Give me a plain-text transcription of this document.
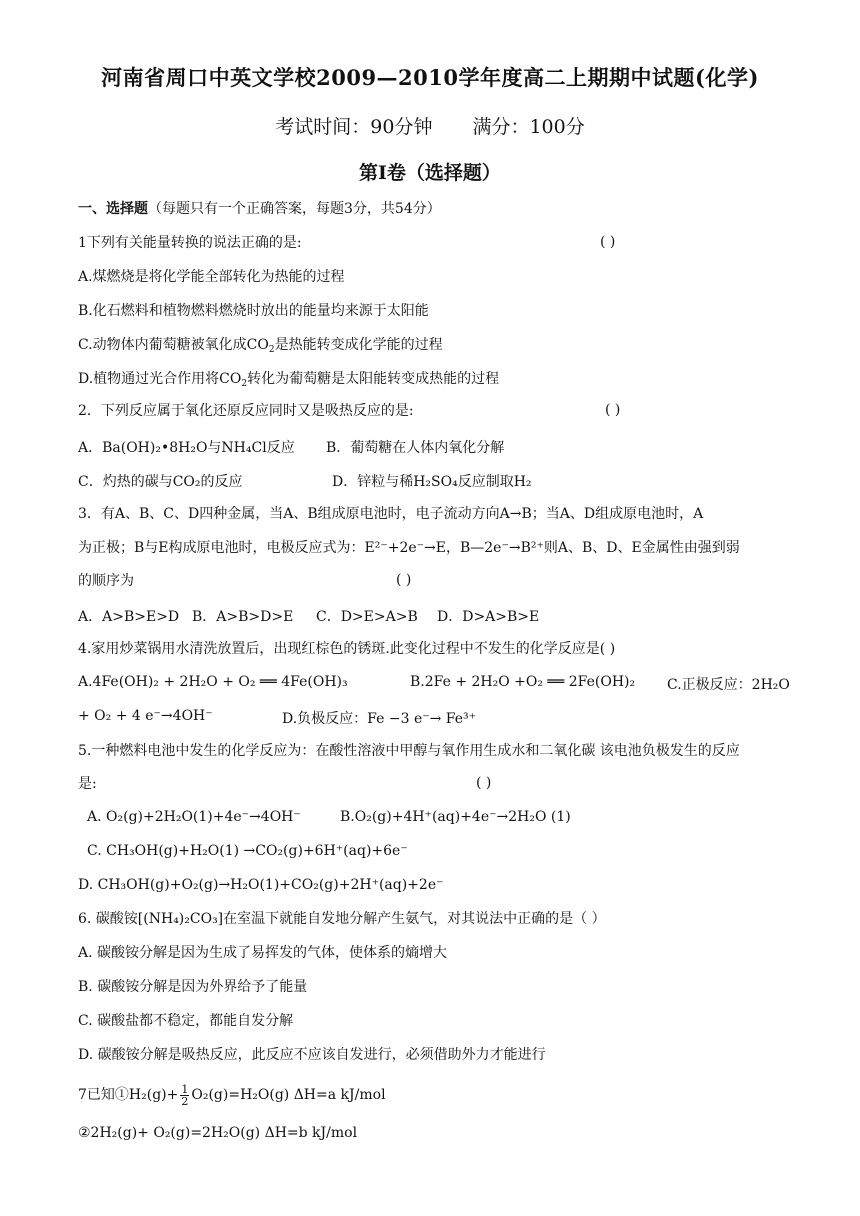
河南省周口中英文学校2009—2010学年度高二上期期中试题(化学)
考试时间：90分钟 满分：100分
第I卷（选择题）
一、选择题（每题只有一个正确答案，每题3分，共54分）
1下列有关能量转换的说法正确的是:	( )
A.煤燃烧是将化学能全部转化为热能的过程
B.化石燃料和植物燃料燃烧时放出的能量均来源于太阳能
C.动物体内葡萄糖被氧化成$CO_2$是热能转变成化学能的过程
D.植物通过光合作用将$CO_2$转化为葡萄糖是太阳能转变成热能的过程
2．下列反应属于氧化还原反应同时又是吸热反应的是:	( )
A．Ba(OH)₂•8H₂O与NH₄Cl反应 B．葡萄糖在人体内氧化分解
C．灼热的碳与CO₂的反应	D．锌粒与稀H₂SO₄反应制取H₂
3．有A、B、C、D四种金属，当A、B组成原电池时，电子流动方向A→B；当A、D组成原电池时，A
为正极；B与E构成原电池时，电极反应式为：E²⁻+2e⁻→E，B—2e⁻→B²⁺则A、B、D、E金属性由强到弱
的顺序为	( )
A．A>B>E>D B．A>B>D>E C．D>E>A>B D．D>A>B>E
4.家用炒菜锅用水清洗放置后，出现红棕色的锈斑.此变化过程中不发生的化学反应是( )
A.4Fe(OH)₂ + 2H₂O + O₂ ══ 4Fe(OH)₃	B.2Fe + 2H₂O +O₂ ══ 2Fe(OH)₂ C.正极反应：2H₂O
+ O₂ + 4 e⁻→4OH⁻	D.负极反应：Fe −3 e⁻→ Fe³⁺
5.一种燃料电池中发生的化学反应为：在酸性溶液中甲醇与氧作用生成水和二氧化碳 该电池负极发生的反应
是:	( )
A. O₂(g)+2H₂O(1)+4e⁻→4OH⁻	B.O₂(g)+4H⁺(aq)+4e⁻→2H₂O (1)
C. CH₃OH(g)+H₂O(1) →CO₂(g)+6H⁺(aq)+6e⁻
D. CH₃OH(g)+O₂(g)→H₂O(1)+CO₂(g)+2H⁺(aq)+2e⁻
6. 碳酸铵[(NH₄)₂CO₃]在室温下就能自发地分解产生氨气，对其说法中正确的是（ ）
A. 碳酸铵分解是因为生成了易挥发的气体，使体系的熵增大
B. 碳酸铵分解是因为外界给予了能量
C. 碳酸盐都不稳定，都能自发分解
D. 碳酸铵分解是吸热反应，此反应不应该自发进行，必须借助外力才能进行
7已知①H₂(g)+ $\frac{1}{2} O_2(g)=H_2O(g)$ ΔH=a kJ/mol
②2H₂(g)+ O₂(g)=2H₂O(g) ΔH=b kJ/mol
